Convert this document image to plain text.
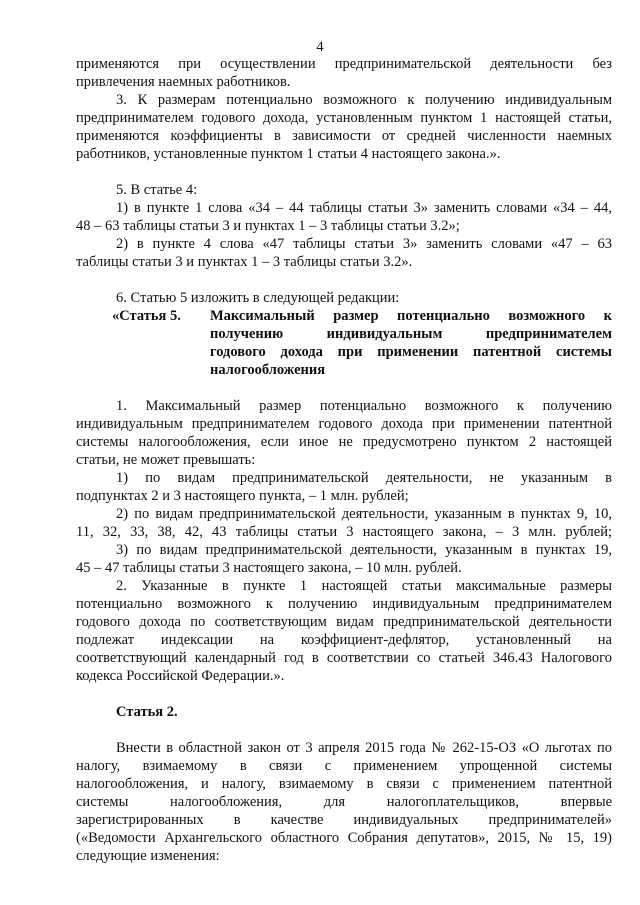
4
применяются при осуществлении предпринимательской деятельности без
привлечения наемных работников.
3. К размерам потенциально возможного к получению индивидуальным
предпринимателем годового дохода, установленным пунктом 1 настоящей статьи,
применяются коэффициенты в зависимости от средней численности наемных
работников, установленные пунктом 1 статьи 4 настоящего закона.».
5. В статье 4:
1) в пункте 1 слова «34 – 44 таблицы статьи 3» заменить словами «34 – 44,
48 – 63 таблицы статьи 3 и пунктах 1 – 3 таблицы статьи 3.2»;
2) в пункте 4 слова «47 таблицы статьи 3» заменить словами «47 – 63
таблицы статьи 3 и пунктах 1 – 3 таблицы статьи 3.2».
6. Статью 5 изложить в следующей редакции:
«Статья 5. Максимальный размер потенциально возможного к
получению индивидуальным предпринимателем
годового дохода при применении патентной системы
налогообложения
1. Максимальный размер потенциально возможного к получению
индивидуальным предпринимателем годового дохода при применении патентной
системы налогообложения, если иное не предусмотрено пунктом 2 настоящей
статьи, не может превышать:
1) по видам предпринимательской деятельности, не указанным в
подпунктах 2 и 3 настоящего пункта, – 1 млн. рублей;
2) по видам предпринимательской деятельности, указанным в пунктах 9, 10,
11, 32, 33, 38, 42, 43 таблицы статьи 3 настоящего закона, – 3 млн. рублей;
3) по видам предпринимательской деятельности, указанным в пунктах 19,
45 – 47 таблицы статьи 3 настоящего закона, – 10 млн. рублей.
2. Указанные в пункте 1 настоящей статьи максимальные размеры
потенциально возможного к получению индивидуальным предпринимателем
годового дохода по соответствующим видам предпринимательской деятельности
подлежат индексации на коэффициент-дефлятор, установленный на
соответствующий календарный год в соответствии со статьей 346.43 Налогового
кодекса Российской Федерации.».
Статья 2.
Внести в областной закон от 3 апреля 2015 года № 262-15-ОЗ «О льготах по
налогу, взимаемому в связи с применением упрощенной системы
налогообложения, и налогу, взимаемому в связи с применением патентной
системы налогообложения, для налогоплательщиков, впервые
зарегистрированных в качестве индивидуальных предпринимателей»
(«Ведомости Архангельского областного Собрания депутатов», 2015, № 15, 19)
следующие изменения:
